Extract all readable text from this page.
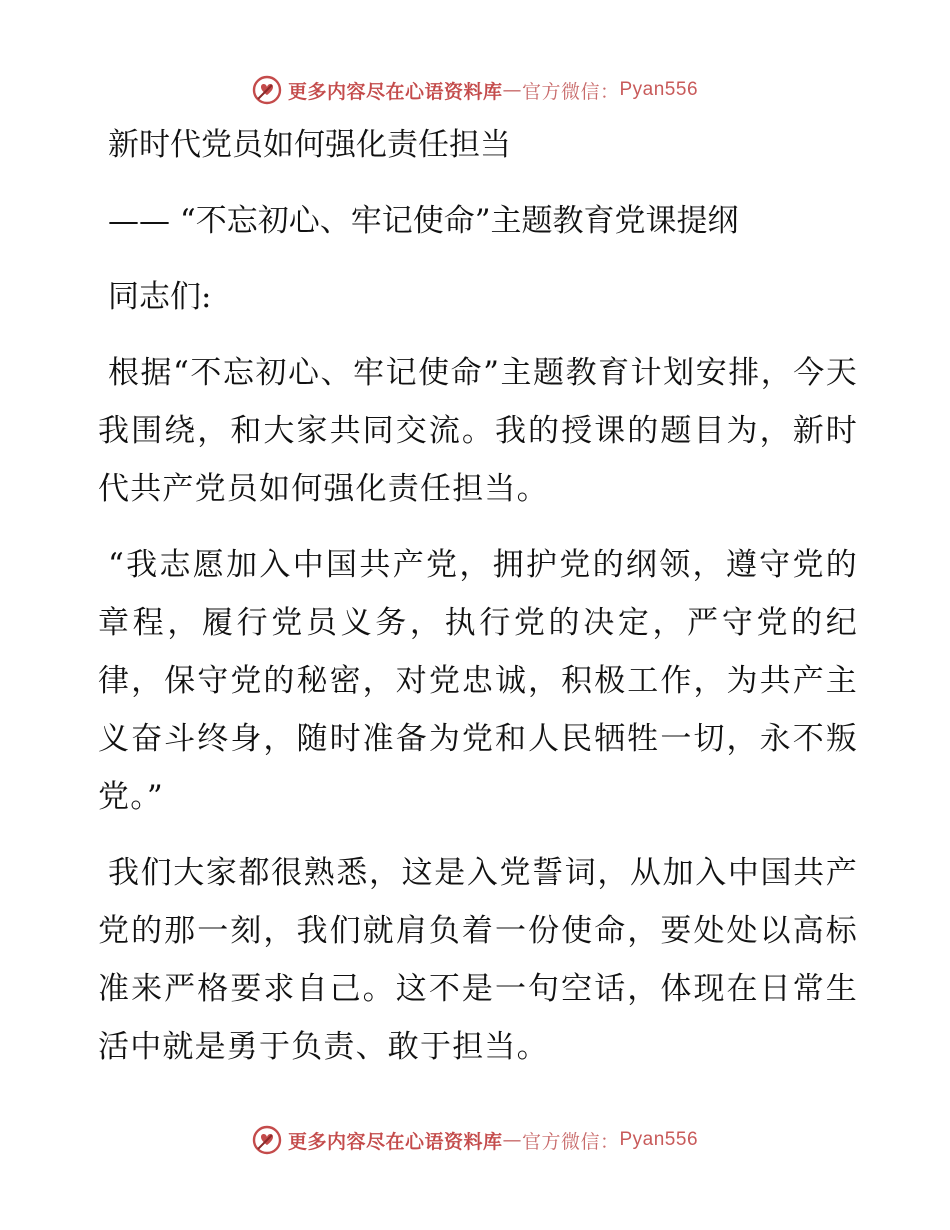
更多内容尽在心语资料库 — 官方微信： Pyan556
新时代党员如何强化责任担当
—— “不忘初心、牢记使命”主题教育党课提纲
同志们:

根据“不忘初心、牢记使命”主题教育计划安排，今天我围绕，和大家共同交流。我的授课的题目为，新时代共产党员如何强化责任担当。

“我志愿加入中国共产党，拥护党的纲领，遵守党的章程，履行党员义务，执行党的决定，严守党的纪律，保守党的秘密，对党忠诚，积极工作，为共产主义奋斗终身，随时准备为党和人民牺牲一切，永不叛党。”

我们大家都很熟悉，这是入党誓词，从加入中国共产党的那一刻，我们就肩负着一份使命，要处处以高标准来严格要求自己。这不是一句空话，体现在日常生活中就是勇于负责、敢于担当。

更多内容尽在心语资料库 — 官方微信： Pyan556
